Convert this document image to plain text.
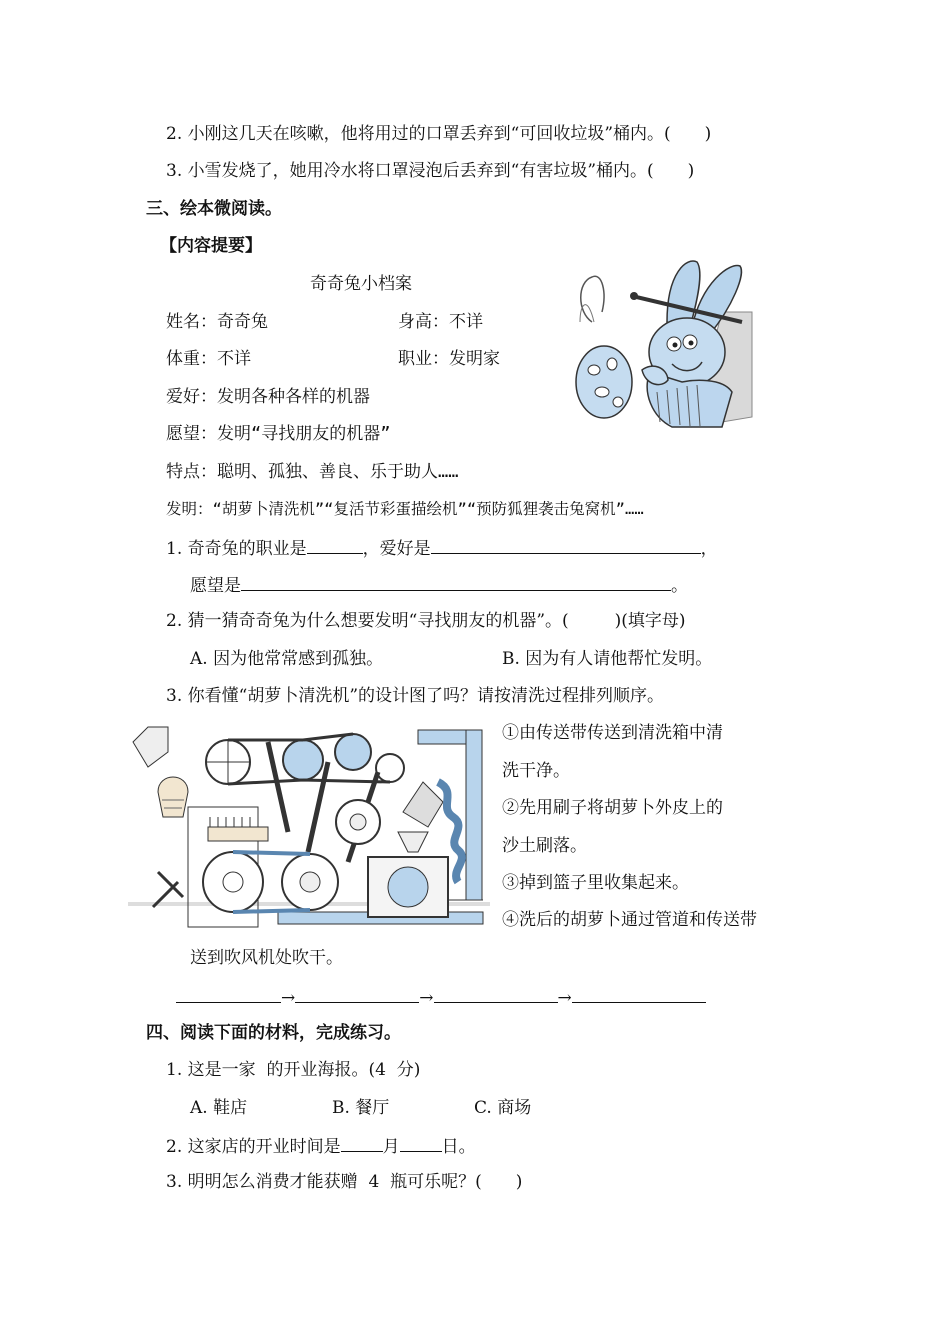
2. 小刚这几天在咳嗽，他将用过的口罩丢弃到“可回收垃圾”桶内。( )
3. 小雪发烧了，她用冷水将口罩浸泡后丢弃到“有害垃圾”桶内。( )
三、绘本微阅读。
【内容提要】
奇奇兔小档案
姓名：奇奇兔	身高：不详
体重：不详	职业：发明家
爱好：发明各种各样的机器
愿望：发明“寻找朋友的机器”
特点：聪明、孤独、善良、乐于助人……
发明：“胡萝卜清洗机”“复活节彩蛋描绘机”“预防狐狸袭击兔窝机”……
1. 奇奇兔的职业是	，爱好是	，
愿望是	。
2. 猜一猜奇奇兔为什么想要发明“寻找朋友的机器”。(	)(填字母)
A. 因为他常常感到孤独。	B. 因为有人请他帮忙发明。
3. 你看懂“胡萝卜清洗机”的设计图了吗？请按清洗过程排列顺序。
①由传送带传送到清洗箱中清
洗干净。
②先用刷子将胡萝卜外皮上的
沙土刷落。
③掉到篮子里收集起来。
④洗后的胡萝卜通过管道和传送带
送到吹风机处吹干。
→	→	→
四、阅读下面的材料，完成练习。
1. 这是一家  的开业海报。(4  分)
A. 鞋店	B. 餐厅	C. 商场
2. 这家店的开业时间是 月 日。
3. 明明怎么消费才能获赠  4  瓶可乐呢？( )
